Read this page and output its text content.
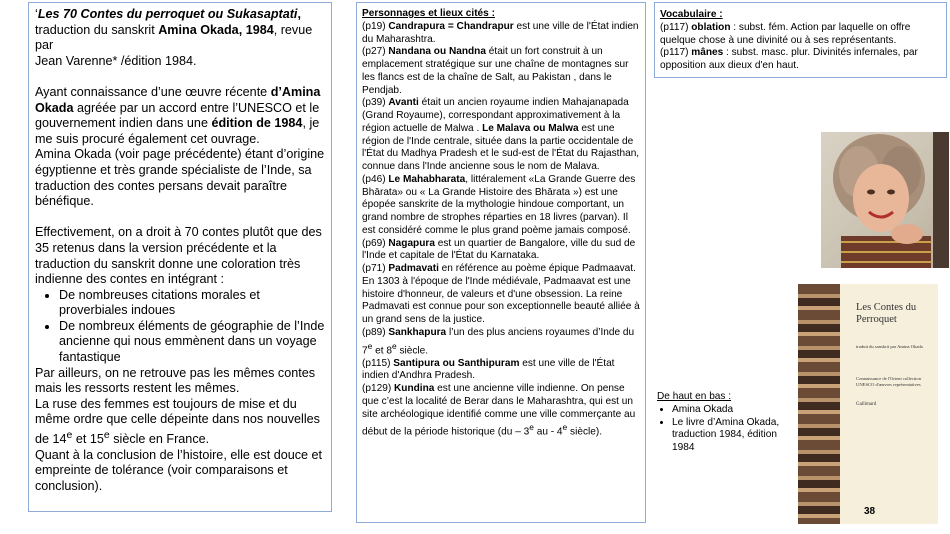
‘Les 70 Contes du perroquet ou Sukasaptati,

traduction du sanskrit Amina Okada, 1984, revue par

Jean Varenne* /édition 1984.

Ayant connaissance d’une œuvre récente d’Amina Okada agréée par un accord entre l’UNESCO et le gouvernement indien dans une édition de 1984, je me suis procuré également cet ouvrage.

Amina Okada (voir page précédente) étant d’origine égyptienne et très grande spécialiste de l’Inde, sa traduction des contes persans devait paraître bénéfique.

Effectivement, on a droit à 70 contes plutôt que des 35 retenus dans la version précédente et la traduction du sanskrit donne une coloration très indienne des contes en intégrant :

• De nombreuses citations morales et proverbiales indoues
• De nombreux éléments de géographie de l’Inde ancienne qui nous emmènent dans un voyage fantastique

Par ailleurs, on ne retrouve pas les mêmes contes mais les ressorts restent les mêmes.

La ruse des femmes est toujours de mise et du même ordre que celle dépeinte dans nos nouvelles de 14e et 15e siècle en France.

Quant à la conclusion de l’histoire, elle est douce et empreinte de tolérance (voir comparaisons et conclusion).

Personnages et lieux cités :

(p19) Candrapura = Chandrapur est une ville de l'État indien du Maharashtra.

(p27) Nandana ou Nandna était un fort construit à un emplacement stratégique sur une chaîne de montagnes sur les flancs est de la chaîne de Salt, au Pakistan , dans le Pendjab.

(p39) Avanti était un ancien royaume indien Mahajanapada (Grand Royaume), correspondant approximativement à la région actuelle de Malwa . Le Malava ou Malwa est une région de l'Inde centrale, située dans la partie occidentale de l'État du Madhya Pradesh et le sud-est de l'État du Rajasthan, connue dans l'Inde ancienne sous le nom de Malava.

(p46) Le Mahabharata, littéralement «La Grande Guerre des Bhārata» ou « La Grande Histoire des Bhārata ») est une épopée sanskrite de la mythologie hindoue comportant, un grand nombre de strophes réparties en 18 livres (parvan). Il est considéré comme le plus grand poème jamais composé.

(p69) Nagapura est un quartier de Bangalore, ville du sud de l'Inde et capitale de l'État du Karnataka.

(p71) Padmavati en référence au poème épique Padmaavat. En 1303 à l'époque de l'Inde médiévale, Padmaavat est une histoire d'honneur, de valeurs et d'une obsession. La reine Padmavati est connue pour son exceptionnelle beauté alliée à un grand sens de la justice.

(p89) Sankhapura l’un des plus anciens royaumes d’Inde du 7e et 8e siècle.

(p115) Santipura ou Santhipuram est une ville de l'État indien d'Andhra Pradesh.

(p129) Kundina est une ancienne ville indienne. On pense que c’est la localité de Berar dans le Maharashtra, qui est un site archéologique identifié comme une ville commerçante au début de la période historique (du – 3e au - 4e siècle).

Vocabulaire :

(p117) oblation : subst. fém. Action par laquelle on offre quelque chose à une divinité ou à ses représentants.

(p117) mânes : subst. masc. plur. Divinités infernales, par opposition aux dieux d'en haut.

Les Contes du Perroquet
traduit du sanskrit par Amina Okada
Connaissance de l'Orient collection UNESCO d'œuvres représentatives
Gallimard
38

De haut en bas :

• Amina Okada
• Le livre d’Amina Okada, traduction 1984, édition 1984
